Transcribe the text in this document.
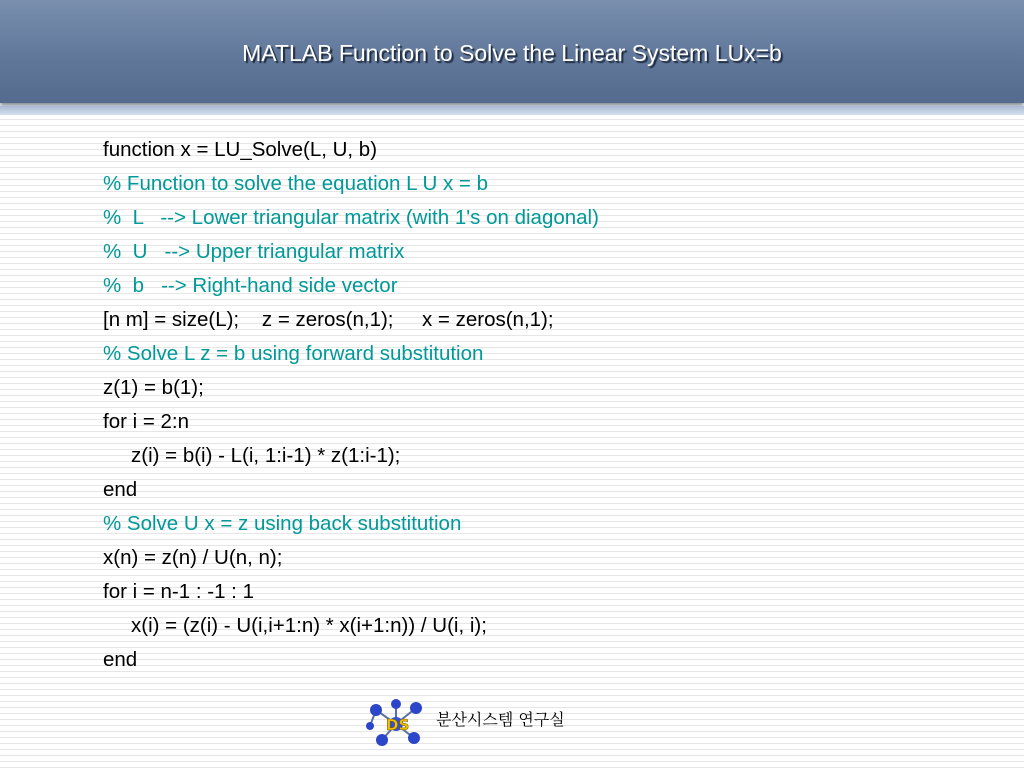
MATLAB Function to Solve the Linear System LUx=b
function x = LU_Solve(L, U, b)
% Function to solve the equation L U x = b
%  L   --> Lower triangular matrix (with 1's on diagonal)
%  U   --> Upper triangular matrix
%  b   --> Right-hand side vector
[n m] = size(L);    z = zeros(n,1);     x = zeros(n,1);
% Solve L z = b using forward substitution
z(1) = b(1);
for i = 2:n
z(i) = b(i) - L(i, 1:i-1) * z(1:i-1);
end
% Solve U x = z using back substitution
x(n) = z(n) / U(n, n);
for i = n-1 : -1 : 1
x(i) = (z(i) - U(i,i+1:n) * x(i+1:n)) / U(i, i);
end
DS 분산시스템 연구실
